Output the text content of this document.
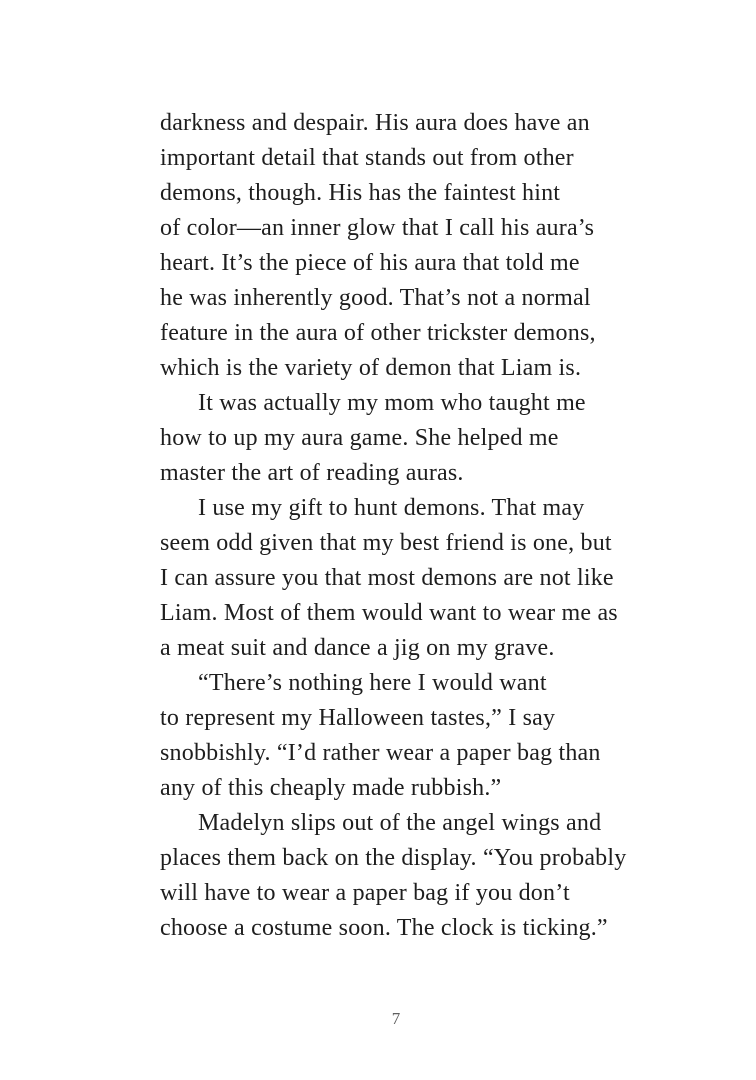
darkness and despair. His aura does have an
important detail that stands out from other
demons, though. His has the faintest hint
of color—an inner glow that I call his aura’s
heart. It’s the piece of his aura that told me
he was inherently good. That’s not a normal
feature in the aura of other trickster demons,
which is the variety of demon that Liam is.
It was actually my mom who taught me
how to up my aura game. She helped me
master the art of reading auras.
I use my gift to hunt demons. That may
seem odd given that my best friend is one, but
I can assure you that most demons are not like
Liam. Most of them would want to wear me as
a meat suit and dance a jig on my grave.
“There’s nothing here I would want
to represent my Halloween tastes,” I say
snobbishly. “I’d rather wear a paper bag than
any of this cheaply made rubbish.”
Madelyn slips out of the angel wings and
places them back on the display. “You probably
will have to wear a paper bag if you don’t
choose a costume soon. The clock is ticking.”
7
